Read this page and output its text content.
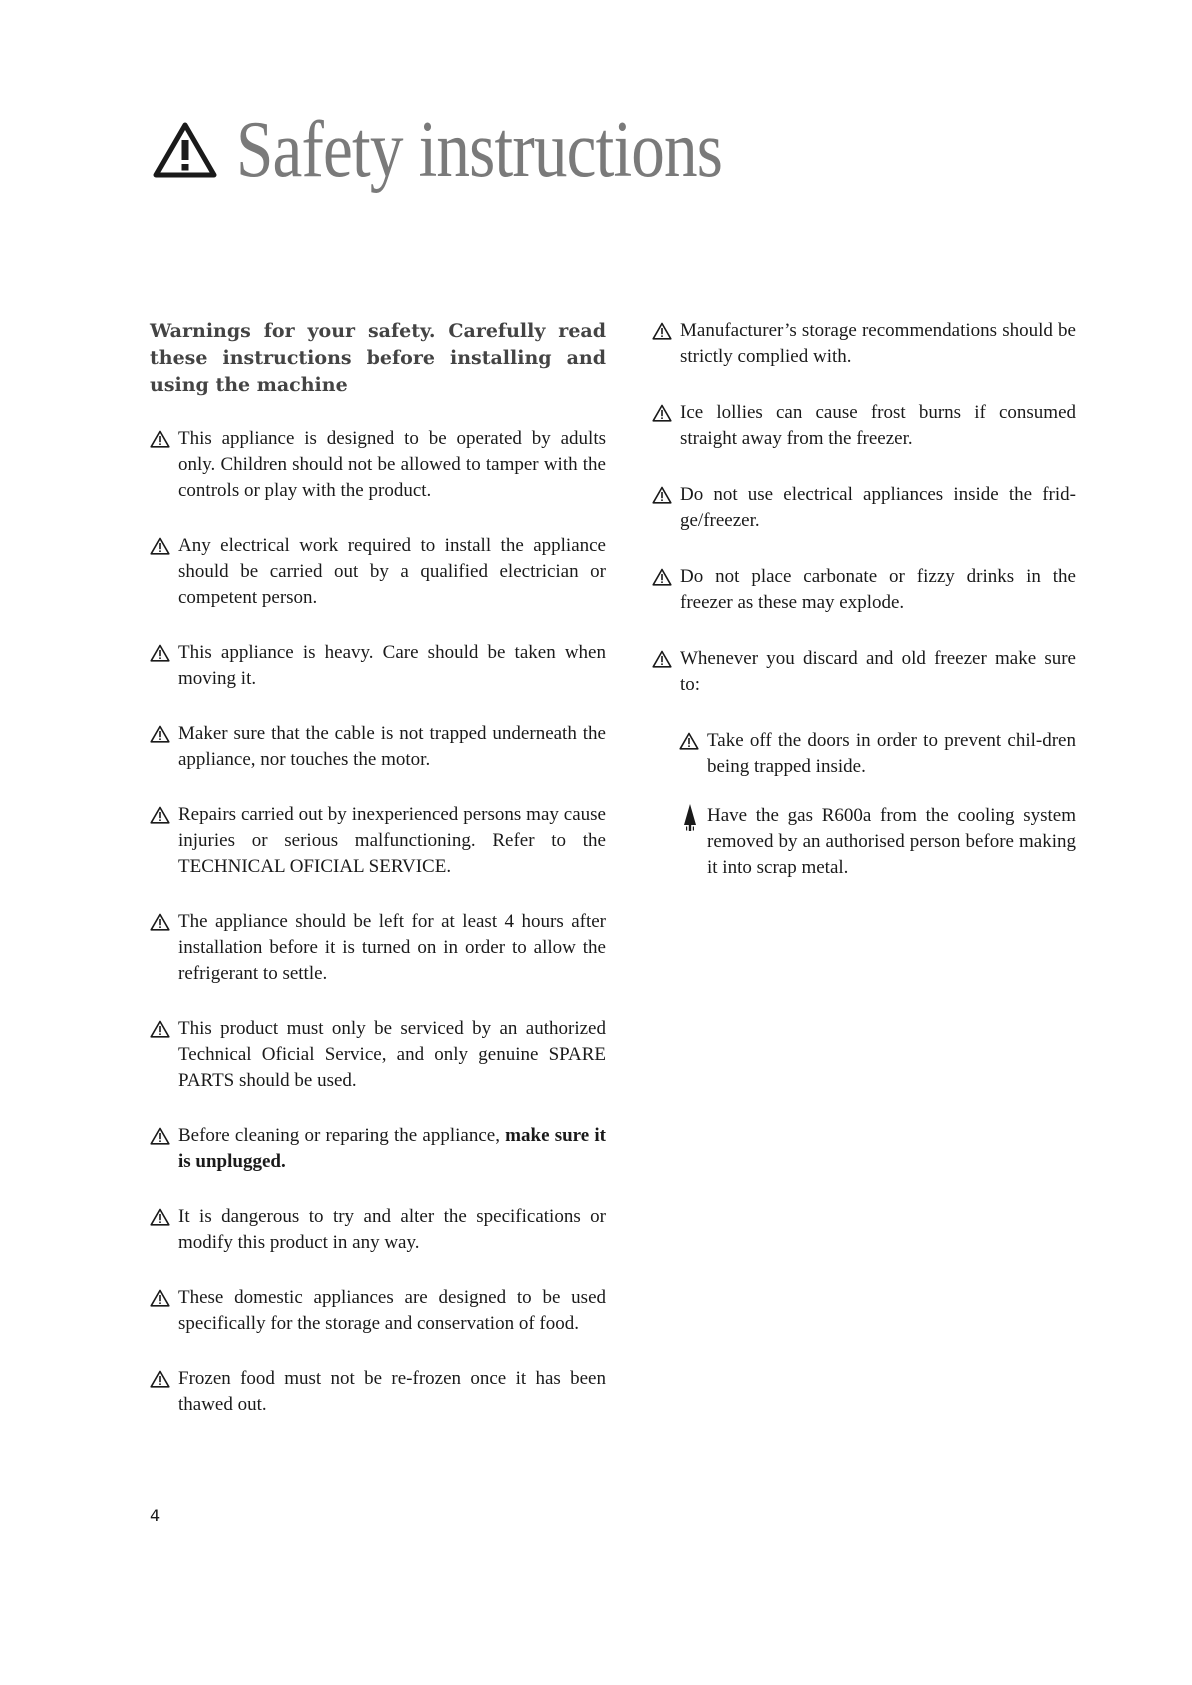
Safety instructions

Warnings for your safety. Carefully read these instructions before installing and using the machine

This appliance is designed to be operated by adults only. Children should not be allowed to tamper with the controls or play with the product.
Any electrical work required to install the appliance should be carried out by a qualified electrician or competent person.
This appliance is heavy. Care should be taken when moving it.
Maker sure that the cable is not trapped underneath the appliance, nor touches the motor.
Repairs carried out by inexperienced persons may cause injuries or serious malfunctioning. Refer to the TECHNICAL OFICIAL SERVICE.
The appliance should be left for at least 4 hours after installation before it is turned on in order to allow the refrigerant to settle.
This product must only be serviced by an authorized Technical Oficial Service, and only genuine SPARE PARTS should be used.
Before cleaning or reparing the appliance, make sure it is unplugged.
It is dangerous to try and alter the specifications or modify this product in any way.
These domestic appliances are designed to be used specifically for the storage and conservation of food.
Frozen food must not be re-frozen once it has been thawed out.
Manufacturer’s storage recommendations should be strictly complied with.
Ice lollies can cause frost burns if consumed straight away from the freezer.
Do not use electrical appliances inside the frid-ge/freezer.
Do not place carbonate or fizzy drinks in the freezer as these may explode.
Whenever you discard and old freezer make sure to:
Take off the doors in order to prevent chil-dren being trapped inside.
Have the gas R600a from the cooling system removed by an authorised person before making it into scrap metal.
4
